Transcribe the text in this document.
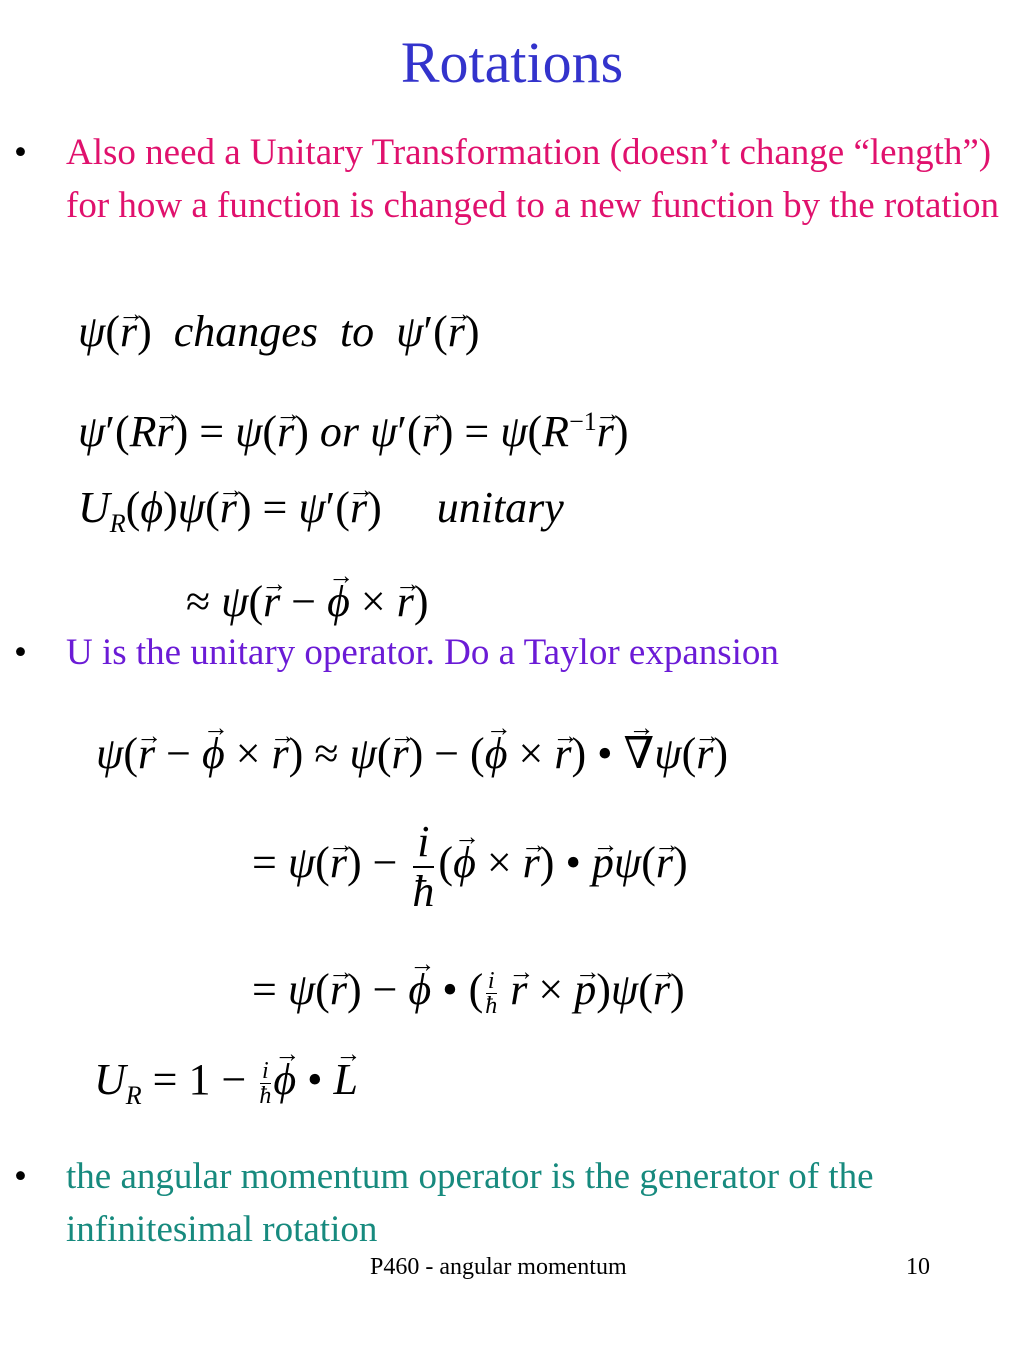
Rotations
•	Also need a Unitary Transformation (doesn’t change “length”) for how a function is changed to a new function by the rotation
ψ(r →)  changes  to ψ′(r →)
ψ′(Rr →) = ψ(r →) or ψ′(r →) = $\psi(R^{-1}r$ →)
$U_R(\phi)\psi(r$ →) = ψ′(r →)     unitary
≈ ψ(r → − ϕ → × r →)
•	U is the unitary operator. Do a Taylor expansion
ψ(r → − ϕ → × r →) ≈ ψ(r →) − (ϕ → × r →) • ∇ →ψ(r →)
= ψ(r →) − $\frac{i}{ħ} (\phi$ → × r →) • p →ψ(r →)
= ψ(r →) − ϕ → • ( $\frac{i}{ħ}$ r → × p →)ψ(r →)
$U_R = 1 - \frac{i}{ħ}$ ϕ → • L →
•	the angular momentum operator is the generator of the infinitesimal rotation
P460 - angular momentum	10
